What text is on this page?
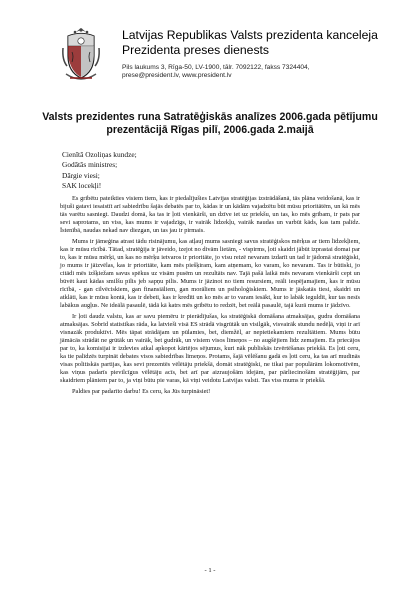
Latvijas Republikas Valsts prezidenta kanceleja
Prezidenta preses dienests
Pils laukums 3, Rīga-50, LV-1900, tālr. 7092122, fakss 7324404,
prese@president.lv, www.president.lv
Valsts prezidentes runa Satratēģiskās analīzes 2006.gada pētījumu
prezentācijā Rīgas pilī, 2006.gada 2.maijā
Cienītā Ozoliņas kundze;
Godātās ministres;
Dārgie viesi;
SAK locekļi!

Es gribētu pateikties visiem tiem, kas ir piedalījušies Latvijas stratēģijas izstrādāšanā, tās plāna veidošanā, kas ir bijuši gatavi iesaistīt arī sabiedrību šajās debatēs par to, kādas ir un kādām vajadzētu būt mūsu prioritātēm, un kā mēs tās varētu sasniegt. Daudzi domā, ka tas ir ļoti vienkārši, un dzīve iet uz priekšu, un tas, ko mēs gribam, ir pats par sevi saprotams, un viss, kas mums ir vajadzīgs, ir vairāk līdzekļu, vairāk naudas un varbūt kāds, kas tam palīdz. Īstenībā, naudas nekad nav diezgan, un tas jau ir pirmais.

Mums ir jāmeģina atrast tādu risinājumu, kas atļauj mums sasniegt savus stratēģiskos mērķus ar tiem līdzekļiem, kas ir mūsu rīcībā. Tātad, stratēģija ir jāveido, izejot no divām lietām, - vispirms, ļoti skaidri jābūt izprastai domai par to, kas ir mūsu mērķi, un kas no mērķu ietvaros ir prioritāte, jo visu reizē nevaram izdarīt un tad ir jādomā stratēģiski, jo mums ir jāizvēlas, kas ir prioritāte, kam mēs piešķiram, kam atņemam, ko varam, ko nevaram. Tas ir būtiski, jo citādi mēs izšķiežam savus spēkus uz visām pusēm un rezultāts nav. Tajā pašā laikā mēs nevaram vienkārši cept un būvēt kaut kādas smilšu pilis jeb sapņu pilis. Mums ir jāzinot no tiem resursiem, reāli iespējamajiem, kas ir mūsu rīcībā, - gan cilvēciskiem, gan finansiāliem, gan morāliem un psiholoģiskiem. Mums ir jāskatās tiesi, skaidri un atklāti, kas ir mūsu kontā, kas ir debeti, kas ir kredīti un ko mēs ar to varam iesākt, kur to labāk ieguldīt, kur tas nesīs labākus augļus. Ne ideālā pasaulē, tādā kā katrs mēs gribētu to redzēt, bet reālā pasaulē, tajā kurā mums ir jādzīvo.

Ir ļoti daudz valstu, kas ar savu piemēru ir pierādījušas, ka stratēģiskā domāšana atmaksājas, gudra domāšana atmaksājas. Sobrīd statistikas rāda, ka latvieši visā ES strādā visgrūtāk un visilgāk, visvairāk stundu nedēļā, viņi ir arī visnazāk produktīvi. Mēs tāpat strādājam un pūlamies, bet, diemžēl, ar nepietiekamiem rezultātiem. Mums būtu jāmācās strādāt ne grūtāk un vairāk, bet gudrāk, un visiem visos līmeņos – no augšējiem līdz zemajiem. Es priecājos par to, ka komisijai ir izdevies atkal apkopot kārtējos sējumus, kuri nāk publiskās izvērtēšanas priekšā. Es ļoti ceru, ka tie palīdzēs turpināt debates visos sabiedrības līmeņos. Protams, šajā vēlēšanu gadā es ļoti ceru, ka tas arī mudinās visas politiskās partijas, kas sevi prezentēs vēlētāju priekšā, domāt stratēģiski, ne tikai par populārām lokomotīvēm, kas viņus padarīs pievilcīgus vēlētāju acīs, bet arī par aizraujošām idejām, par pārliecinošām stratēģijām, par skaidriem plāniem par to, ja viņi būtu pie varas, kā viņi veidotu Latvijas valsti. Tas viss mums ir priekšā.

Paldies par padarīto darbu! Es ceru, ka Jūs turpināsiet!

- 1 -
